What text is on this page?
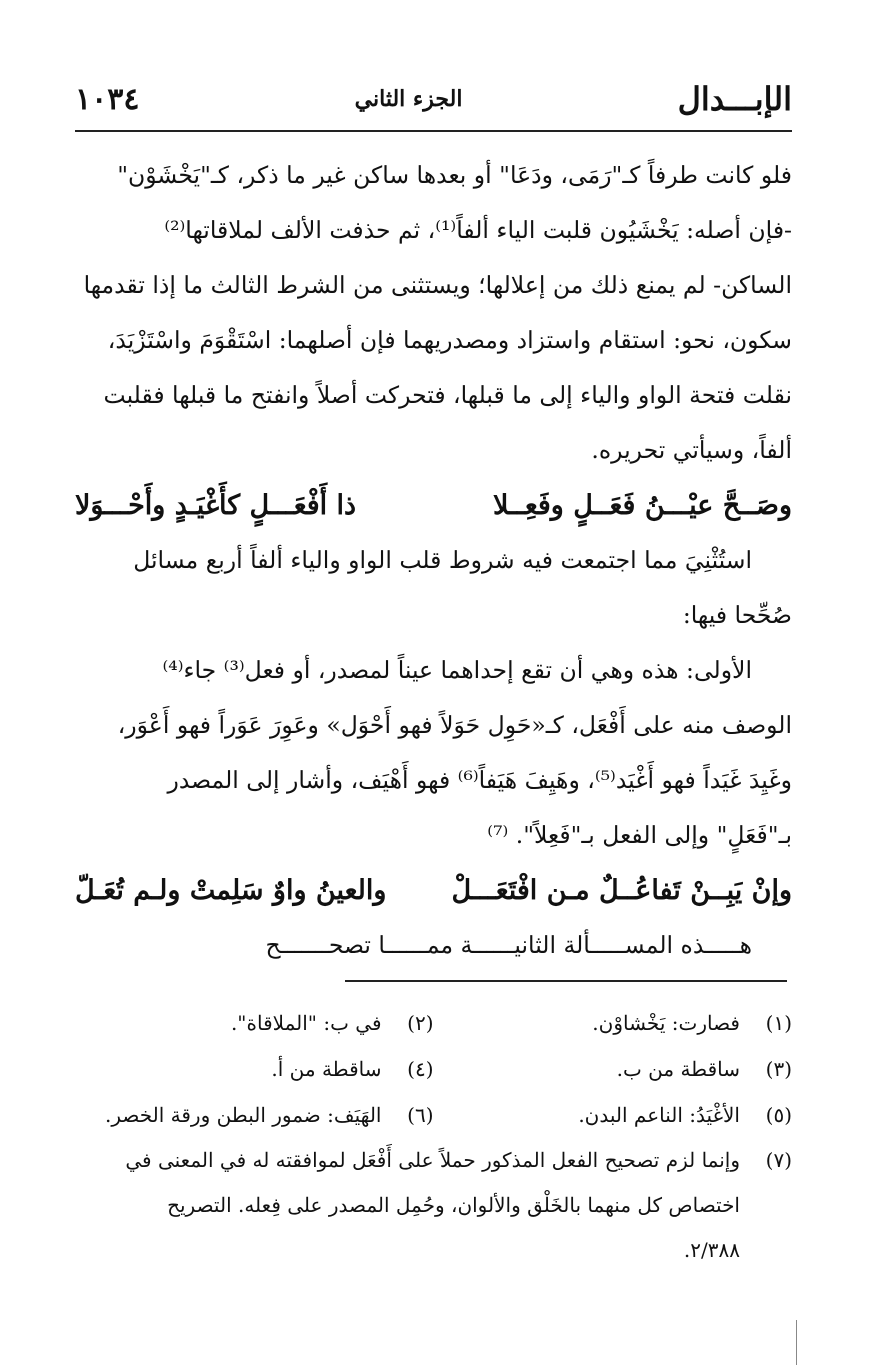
الإبـــدال
الجزء الثاني
١٠٣٤

فلو كانت طرفاً كـ"رَمَى، ودَعَا" أو بعدها ساكن غير ما ذكر، كـ"يَخْشَوْن"

-فإن أصله: يَخْشَيُون قلبت الياء ألفاً⁽¹⁾، ثم حذفت الألف لملاقاتها⁽²⁾

الساكن- لم يمنع ذلك من إعلالها؛ ويستثنى من الشرط الثالث ما إذا تقدمها

سكون، نحو: استقام واستزاد ومصدريهما فإن أصلهما: اسْتَقْوَمَ واسْتَزْيَدَ،

نقلت فتحة الواو والياء إلى ما قبلها، فتحركت أصلاً وانفتح ما قبلها فقلبت

ألفاً، وسيأتي تحريره.

وصَــحَّ عيْـــنُ فَعَــلٍ وفَعِــلا
ذا أَفْعَـــلٍ كأَغْيَـدٍ وأَحْـــوَلا

استُثْنِيَ مما اجتمعت فيه شروط قلب الواو والياء ألفاً أربع مسائل

صُحِّحا فيها:

الأولى: هذه وهي أن تقع إحداهما عيناً لمصدر، أو فعل⁽³⁾ جاء⁽⁴⁾

الوصف منه على أَفْعَل، كـ«حَوِل حَوَلاً فهو أَحْوَل» وعَوِرَ عَوَراً فهو أَعْوَر،

وغَيِدَ غَيَداً فهو أَغْيَد⁽⁵⁾، وهَيِفَ هَيَفاً⁽⁶⁾ فهو أَهْيَف، وأشار إلى المصدر

بـ"فَعَلٍ" وإلى الفعل بـ"فَعِلاً". ⁽⁷⁾

وإنْ يَبِــنْ تَفاعُــلٌ مـن افْتَعَـــلْ
والعينُ واوٌ سَلِمتْ ولـم تُعَـلّ

هـــــذه المســـــألة الثانيــــــة ممــــــا تصحـــــــح

(١)
فصارت: يَخْشاوْن.
(٢)
في ب: "الملاقاة".
(٣)
ساقطة من ب.
(٤)
ساقطة من أ.
(٥)
الأغْيَدُ: الناعم البدن.
(٦)
الهَيَف: ضمور البطن ورقة الخصر.
(٧)
وإنما لزم تصحيح الفعل المذكور حملاً على أَفْعَل لموافقته له في المعنى في
اختصاص كل منهما بالخَلْق والألوان، وحُمِل المصدر على فِعله. التصريح
٢/٣٨٨.
